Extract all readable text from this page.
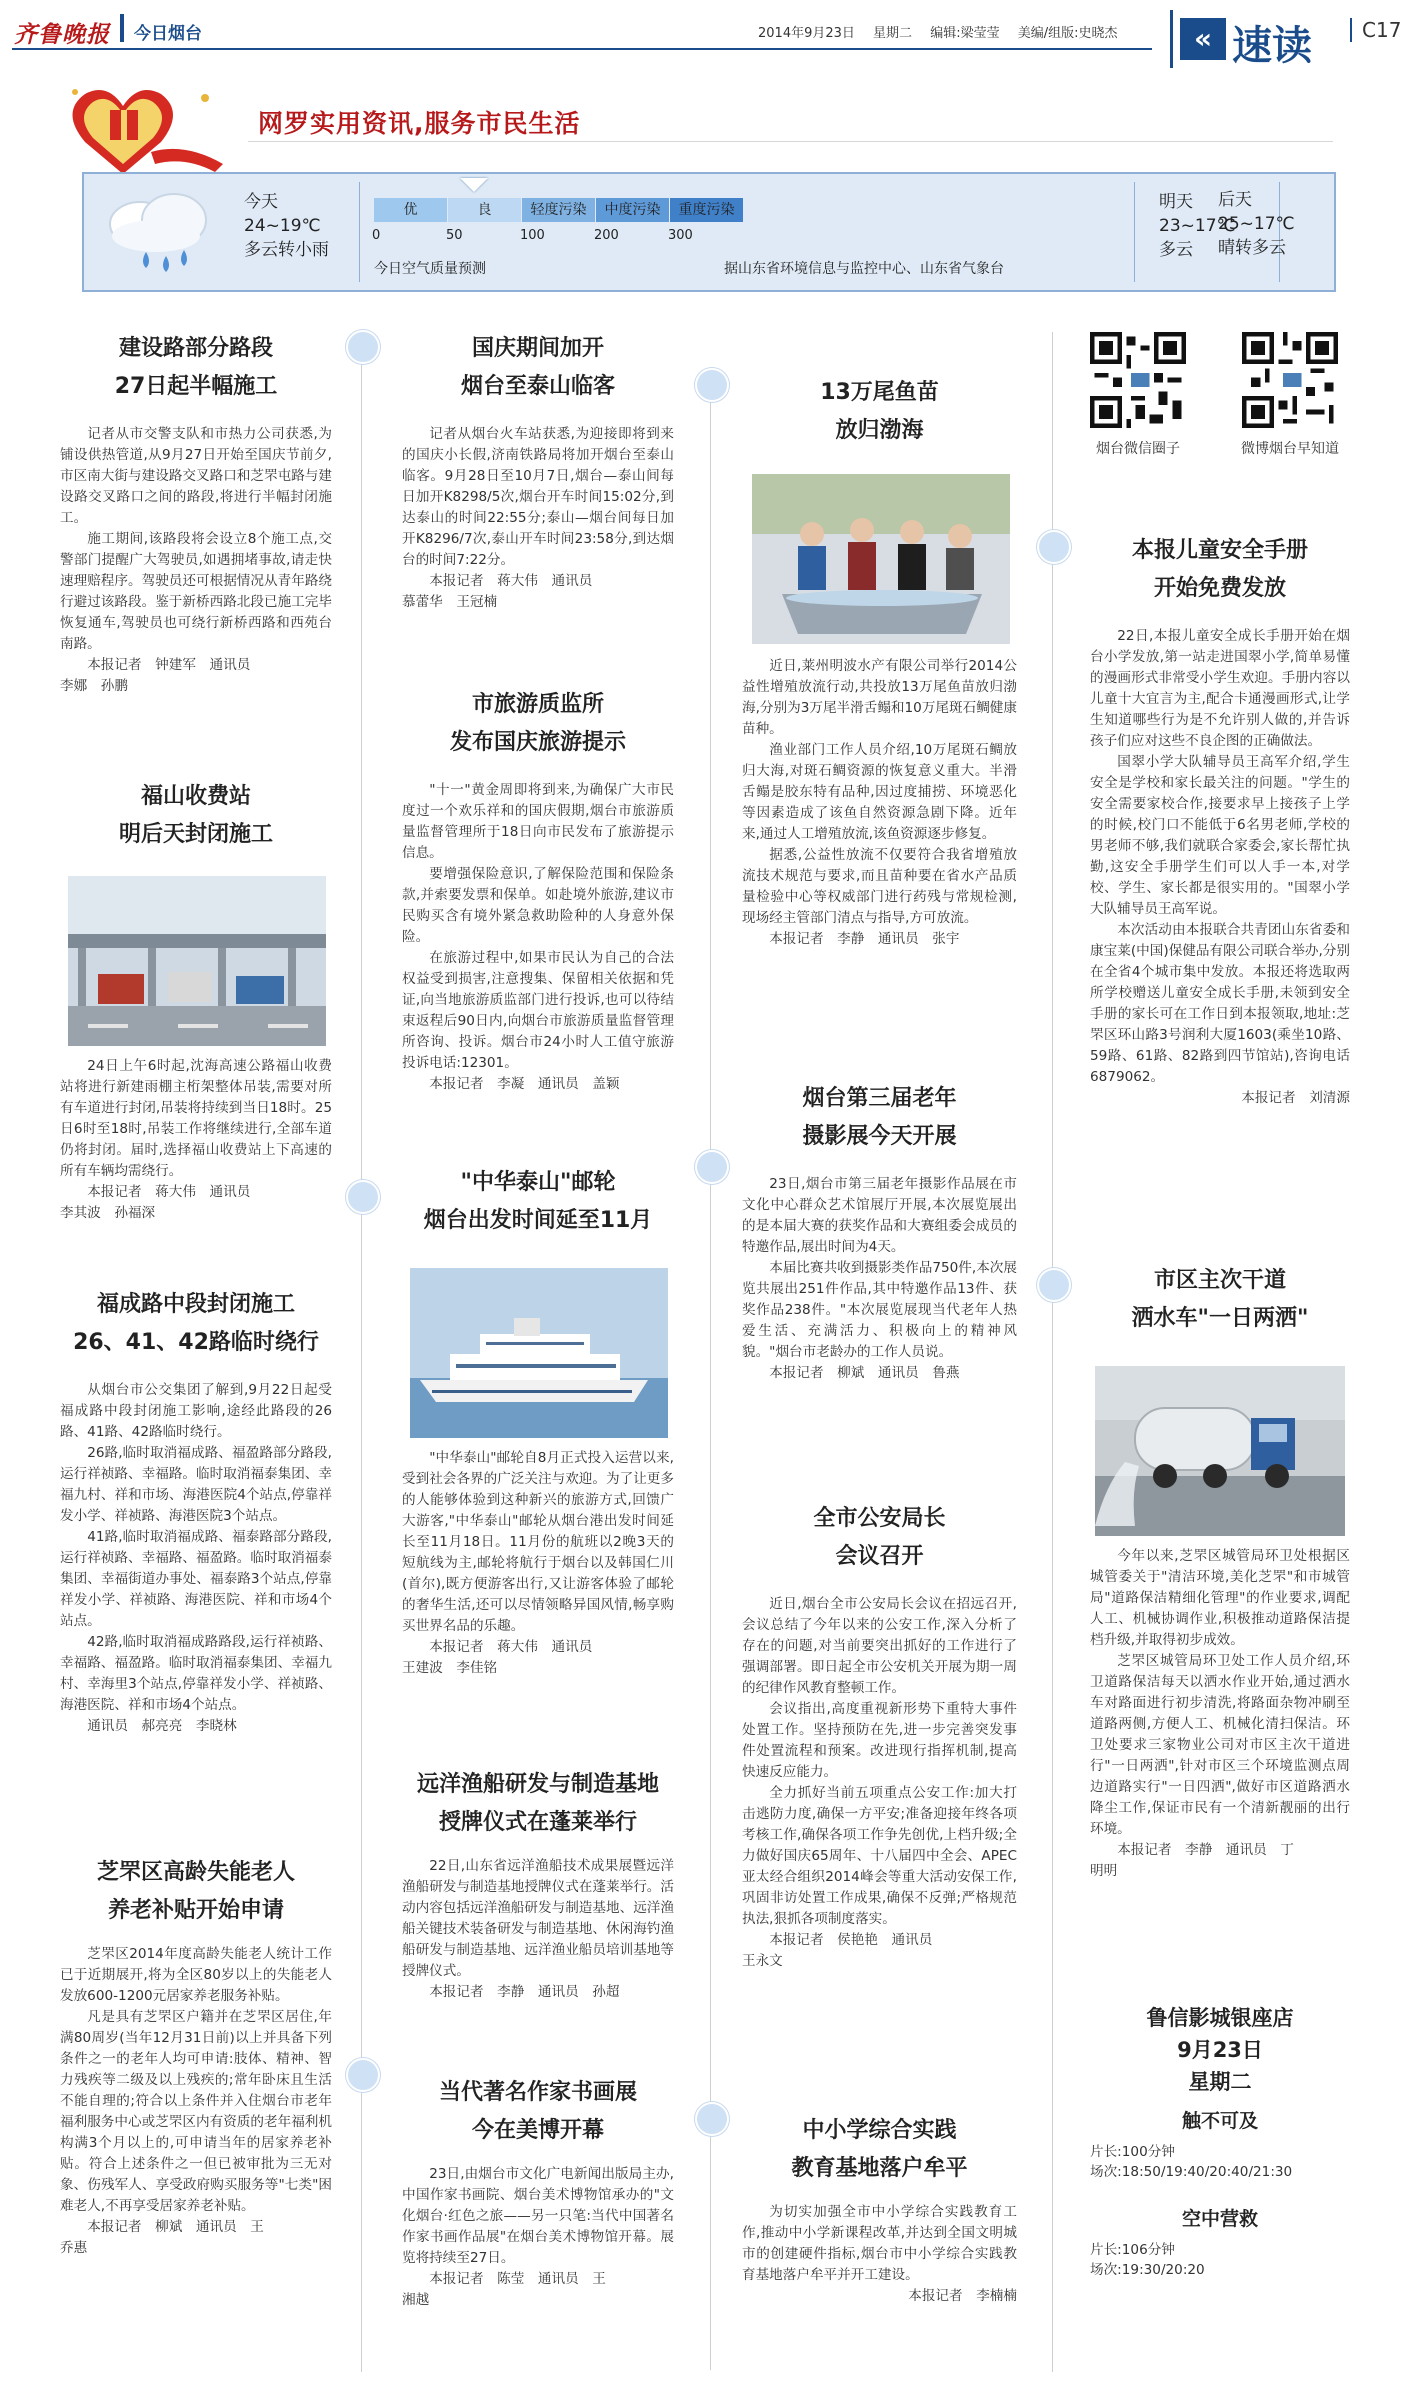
齐鲁晚报 今日烟台	2014年9月23日 星期二 编辑:梁莹莹 美编/组版:史晓杰	« 速读	C17
网罗实用资讯,服务市民生活
今天
24~19℃
多云转小雨
优	良	轻度污染	中度污染	重度污染
0	50	100	200	300
今日空气质量预测	据山东省环境信息与监控中心、山东省气象台
明天
23~17℃
多云
后天
25~17℃
晴转多云
建设路部分路段
27日起半幅施工

记者从市交警支队和市热力公司获悉,为铺设供热管道,从9月27日开始至国庆节前夕,市区南大街与建设路交叉路口和芝罘屯路与建设路交叉路口之间的路段,将进行半幅封闭施工。

施工期间,该路段将会设立8个施工点,交警部门提醒广大驾驶员,如遇拥堵事故,请走快速理赔程序。驾驶员还可根据情况从青年路绕行避过该路段。鉴于新桥西路北段已施工完毕恢复通车,驾驶员也可绕行新桥西路和西苑台南路。

本报记者　钟建军　通讯员

李娜　孙鹏

福山收费站
明后天封闭施工

24日上午6时起,沈海高速公路福山收费站将进行新建雨棚主桁架整体吊装,需要对所有车道进行封闭,吊装将持续到当日18时。25日6时至18时,吊装工作将继续进行,全部车道仍将封闭。届时,选择福山收费站上下高速的所有车辆均需绕行。

本报记者　蒋大伟　通讯员

李其波　孙福深

福成路中段封闭施工
26、41、42路临时绕行

从烟台市公交集团了解到,9月22日起受福成路中段封闭施工影响,途经此路段的26路、41路、42路临时绕行。

26路,临时取消福成路、福盈路部分路段,运行祥祯路、幸福路。临时取消福泰集团、幸福九村、祥和市场、海港医院4个站点,停靠祥发小学、祥祯路、海港医院3个站点。

41路,临时取消福成路、福泰路部分路段,运行祥祯路、幸福路、福盈路。临时取消福泰集团、幸福街道办事处、福泰路3个站点,停靠祥发小学、祥祯路、海港医院、祥和市场4个站点。

42路,临时取消福成路路段,运行祥祯路、幸福路、福盈路。临时取消福泰集团、幸福九村、幸海里3个站点,停靠祥发小学、祥祯路、海港医院、祥和市场4个站点。

通讯员　郝亮亮　李晓林

芝罘区高龄失能老人
养老补贴开始申请

芝罘区2014年度高龄失能老人统计工作已于近期展开,将为全区80岁以上的失能老人发放600-1200元居家养老服务补贴。

凡是具有芝罘区户籍并在芝罘区居住,年满80周岁(当年12月31日前)以上并具备下列条件之一的老年人均可申请:肢体、精神、智力残疾等二级及以上残疾的;常年卧床且生活不能自理的;符合以上条件并入住烟台市老年福利服务中心或芝罘区内有资质的老年福利机构满3个月以上的,可申请当年的居家养老补贴。符合上述条件之一但已被审批为三无对象、伤残军人、享受政府购买服务等"七类"困难老人,不再享受居家养老补贴。

本报记者　柳斌　通讯员　王

乔惠

国庆期间加开
烟台至泰山临客

记者从烟台火车站获悉,为迎接即将到来的国庆小长假,济南铁路局将加开烟台至泰山临客。9月28日至10月7日,烟台—泰山间每日加开K8298/5次,烟台开车时间15:02分,到达泰山的时间22:55分;泰山—烟台间每日加开K8296/7次,泰山开车时间23:58分,到达烟台的时间7:22分。

本报记者　蒋大伟　通讯员

慕蕾华　王冠楠

市旅游质监所
发布国庆旅游提示

"十一"黄金周即将到来,为确保广大市民度过一个欢乐祥和的国庆假期,烟台市旅游质量监督管理所于18日向市民发布了旅游提示信息。

要增强保险意识,了解保险范围和保险条款,并索要发票和保单。如赴境外旅游,建议市民购买含有境外紧急救助险种的人身意外保险。

在旅游过程中,如果市民认为自己的合法权益受到损害,注意搜集、保留相关依据和凭证,向当地旅游质监部门进行投诉,也可以待结束返程后90日内,向烟台市旅游质量监督管理所咨询、投诉。烟台市24小时人工值守旅游投诉电话:12301。

本报记者　李凝　通讯员　盖颖

"中华泰山"邮轮
烟台出发时间延至11月

"中华泰山"邮轮自8月正式投入运营以来,受到社会各界的广泛关注与欢迎。为了让更多的人能够体验到这种新兴的旅游方式,回馈广大游客,"中华泰山"邮轮从烟台港出发时间延长至11月18日。11月份的航班以2晚3天的短航线为主,邮轮将航行于烟台以及韩国仁川(首尔),既方便游客出行,又让游客体验了邮轮的奢华生活,还可以尽情领略异国风情,畅享购买世界名品的乐趣。

本报记者　蒋大伟　通讯员

王建波　李佳铭

远洋渔船研发与制造基地
授牌仪式在蓬莱举行

22日,山东省远洋渔船技术成果展暨远洋渔船研发与制造基地授牌仪式在蓬莱举行。活动内容包括远洋渔船研发与制造基地、远洋渔船关键技术装备研发与制造基地、休闲海钓渔船研发与制造基地、远洋渔业船员培训基地等授牌仪式。

本报记者　李静　通讯员　孙超

当代著名作家书画展
今在美博开幕

23日,由烟台市文化广电新闻出版局主办,中国作家书画院、烟台美术博物馆承办的"文化烟台·红色之旅——另一只笔:当代中国著名作家书画作品展"在烟台美术博物馆开幕。展览将持续至27日。

本报记者　陈莹　通讯员　王

湘越

13万尾鱼苗
放归渤海

近日,莱州明波水产有限公司举行2014公益性增殖放流行动,共投放13万尾鱼苗放归渤海,分别为3万尾半滑舌鳎和10万尾斑石鲷健康苗种。

渔业部门工作人员介绍,10万尾斑石鲷放归大海,对斑石鲷资源的恢复意义重大。半滑舌鳎是胶东特有品种,因过度捕捞、环境恶化等因素造成了该鱼自然资源急剧下降。近年来,通过人工增殖放流,该鱼资源逐步修复。

据悉,公益性放流不仅要符合我省增殖放流技术规范与要求,而且苗种要在省水产品质量检验中心等权威部门进行药残与常规检测,现场经主管部门清点与指导,方可放流。

本报记者　李静　通讯员　张宇

烟台第三届老年
摄影展今天开展

23日,烟台市第三届老年摄影作品展在市文化中心群众艺术馆展厅开展,本次展览展出的是本届大赛的获奖作品和大赛组委会成员的特邀作品,展出时间为4天。

本届比赛共收到摄影类作品750件,本次展览共展出251件作品,其中特邀作品13件、获奖作品238件。"本次展览展现当代老年人热爱生活、充满活力、积极向上的精神风貌。"烟台市老龄办的工作人员说。

本报记者　柳斌　通讯员　鲁燕

全市公安局长
会议召开

近日,烟台全市公安局长会议在招远召开,会议总结了今年以来的公安工作,深入分析了存在的问题,对当前要突出抓好的工作进行了强调部署。即日起全市公安机关开展为期一周的纪律作风教育整顿工作。

会议指出,高度重视新形势下重特大事件处置工作。坚持预防在先,进一步完善突发事件处置流程和预案。改进现行指挥机制,提高快速反应能力。

全力抓好当前五项重点公安工作:加大打击逃防力度,确保一方平安;准备迎接年终各项考核工作,确保各项工作争先创优,上档升级;全力做好国庆65周年、十八届四中全会、APEC亚太经合组织2014峰会等重大活动安保工作,巩固非访处置工作成果,确保不反弹;严格规范执法,狠抓各项制度落实。

本报记者　侯艳艳　通讯员

王永文

中小学综合实践
教育基地落户牟平

为切实加强全市中小学综合实践教育工作,推动中小学新课程改革,并达到全国文明城市的创建硬件指标,烟台市中小学综合实践教育基地落户牟平并开工建设。

本报记者　李楠楠

烟台微信圈子	微博烟台早知道
本报儿童安全手册
开始免费发放

22日,本报儿童安全成长手册开始在烟台小学发放,第一站走进国翠小学,简单易懂的漫画形式非常受小学生欢迎。手册内容以儿童十大宜言为主,配合卡通漫画形式,让学生知道哪些行为是不允许别人做的,并告诉孩子们应对这些不良企图的正确做法。

国翠小学大队辅导员王高军介绍,学生安全是学校和家长最关注的问题。"学生的安全需要家校合作,接要求早上接孩子上学的时候,校门口不能低于6名男老师,学校的男老师不够,我们就联合家委会,家长帮忙执勤,这安全手册学生们可以人手一本,对学校、学生、家长都是很实用的。"国翠小学大队辅导员王高军说。

本次活动由本报联合共青团山东省委和康宝莱(中国)保健品有限公司联合举办,分别在全省4个城市集中发放。本报还将选取两所学校赠送儿童安全成长手册,未领到安全手册的家长可在工作日到本报领取,地址:芝罘区环山路3号润利大厦1603(乘坐10路、59路、61路、82路到四节馆站),咨询电话6879062。

本报记者　刘清源

市区主次干道
洒水车"一日两洒"

今年以来,芝罘区城管局环卫处根据区城管委关于"清洁环境,美化芝罘"和市城管局"道路保洁精细化管理"的作业要求,调配人工、机械协调作业,积极推动道路保洁提档升级,并取得初步成效。

芝罘区城管局环卫处工作人员介绍,环卫道路保洁每天以洒水作业开始,通过洒水车对路面进行初步清洗,将路面杂物冲刷至道路两侧,方便人工、机械化清扫保洁。环卫处要求三家物业公司对市区主次干道进行"一日两洒",针对市区三个环境监测点周边道路实行"一日四洒",做好市区道路洒水降尘工作,保证市民有一个清新靓丽的出行环境。

本报记者　李静　通讯员　丁

明明

鲁信影城银座店
9月23日
星期二
触不可及
片长:100分钟
场次:18:50/19:40/20:40/21:30
空中营救
片长:106分钟
场次:19:30/20:20
